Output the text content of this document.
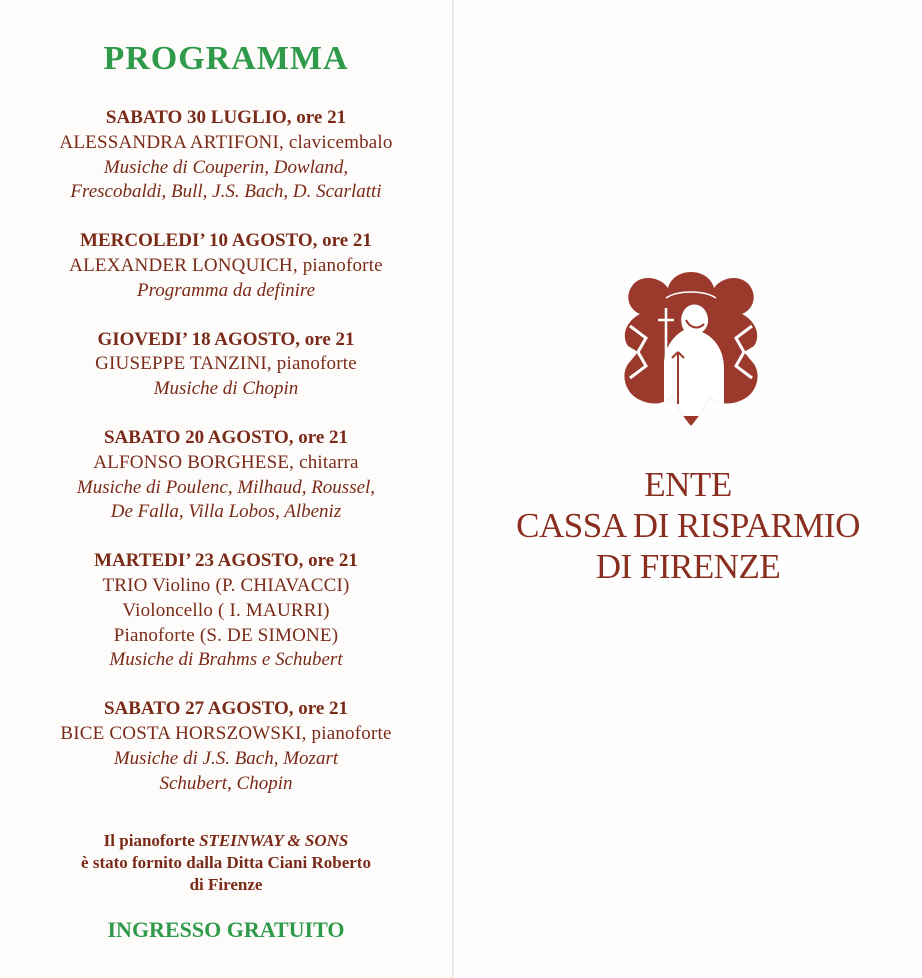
PROGRAMMA
SABATO 30 LUGLIO, ore 21
ALESSANDRA ARTIFONI, clavicembalo
Musiche di Couperin, Dowland,
Frescobaldi, Bull, J.S. Bach, D. Scarlatti
MERCOLEDI’ 10 AGOSTO, ore 21
ALEXANDER LONQUICH, pianoforte
Programma da definire
GIOVEDI’ 18 AGOSTO, ore 21
GIUSEPPE TANZINI, pianoforte
Musiche di Chopin
SABATO 20 AGOSTO, ore 21
ALFONSO BORGHESE, chitarra
Musiche di Poulenc, Milhaud, Roussel,
De Falla, Villa Lobos, Albeniz
MARTEDI’ 23 AGOSTO, ore 21
TRIO Violino (P. CHIAVACCI)
Violoncello ( I. MAURRI)
Pianoforte (S. DE SIMONE)
Musiche di Brahms e Schubert
SABATO 27 AGOSTO, ore 21
BICE COSTA HORSZOWSKI, pianoforte
Musiche di J.S. Bach, Mozart
Schubert, Chopin
Il pianoforte STEINWAY & SONS
è stato fornito dalla Ditta Ciani Roberto
di Firenze
INGRESSO GRATUITO
ENTE
CASSA DI RISPARMIO
DI FIRENZE
